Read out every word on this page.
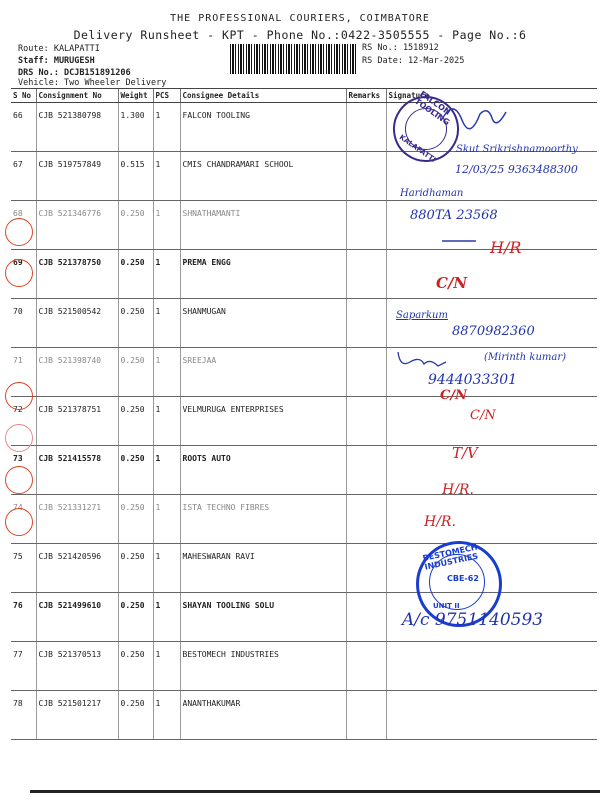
THE PROFESSIONAL COURIERS, COIMBATORE
Delivery Runsheet - KPT - Phone No.:0422-3505555 - Page No.:6
Route: KALAPATTI
Staff: MURUGESH
DRS No.: DCJB151891206
Vehicle: Two Wheeler Delivery
RS No.: 1518912
RS Date: 12-Mar-2025
S No	Consignment No	Weight	PCS	Consignee Details	Remarks	Signature
66	CJB 521380798	1.300	1	FALCON TOOLING		
67	CJB 519757849	0.515	1	CMIS CHANDRAMARI SCHOOL		
68	CJB 521346776	0.250	1	SHNATHAMANTI		
69	CJB 521378750	0.250	1	PREMA ENGG		
70	CJB 521500542	0.250	1	SHANMUGAN		
71	CJB 521398740	0.250	1	SREEJAA		
72	CJB 521378751	0.250	1	VELMURUGA ENTERPRISES		
73	CJB 521415578	0.250	1	ROOTS AUTO		
74	CJB 521331271	0.250	1	ISTA TECHNO FIBRES		
75	CJB 521420596	0.250	1	MAHESWARAN RAVI		
76	CJB 521499610	0.250	1	SHAYAN TOOLING SOLU		
77	CJB 521370513	0.250	1	BESTOMECH INDUSTRIES		
78	CJB 521501217	0.250	1	ANANTHAKUMAR		
FALCON TOOLING
KALAPATTI
BESTOMECH INDUSTRIES
CBE-62
UNIT II
Skut Srikrishnamoorthy
12/03/25 9363488300
Haridhaman
880TA 23568
H/R
C/N
Saparkum
8870982360
(Mirinth kumar)
9444033301
C/N
C/N
T/V
H/R.
H/R.
A/c 9751140593
